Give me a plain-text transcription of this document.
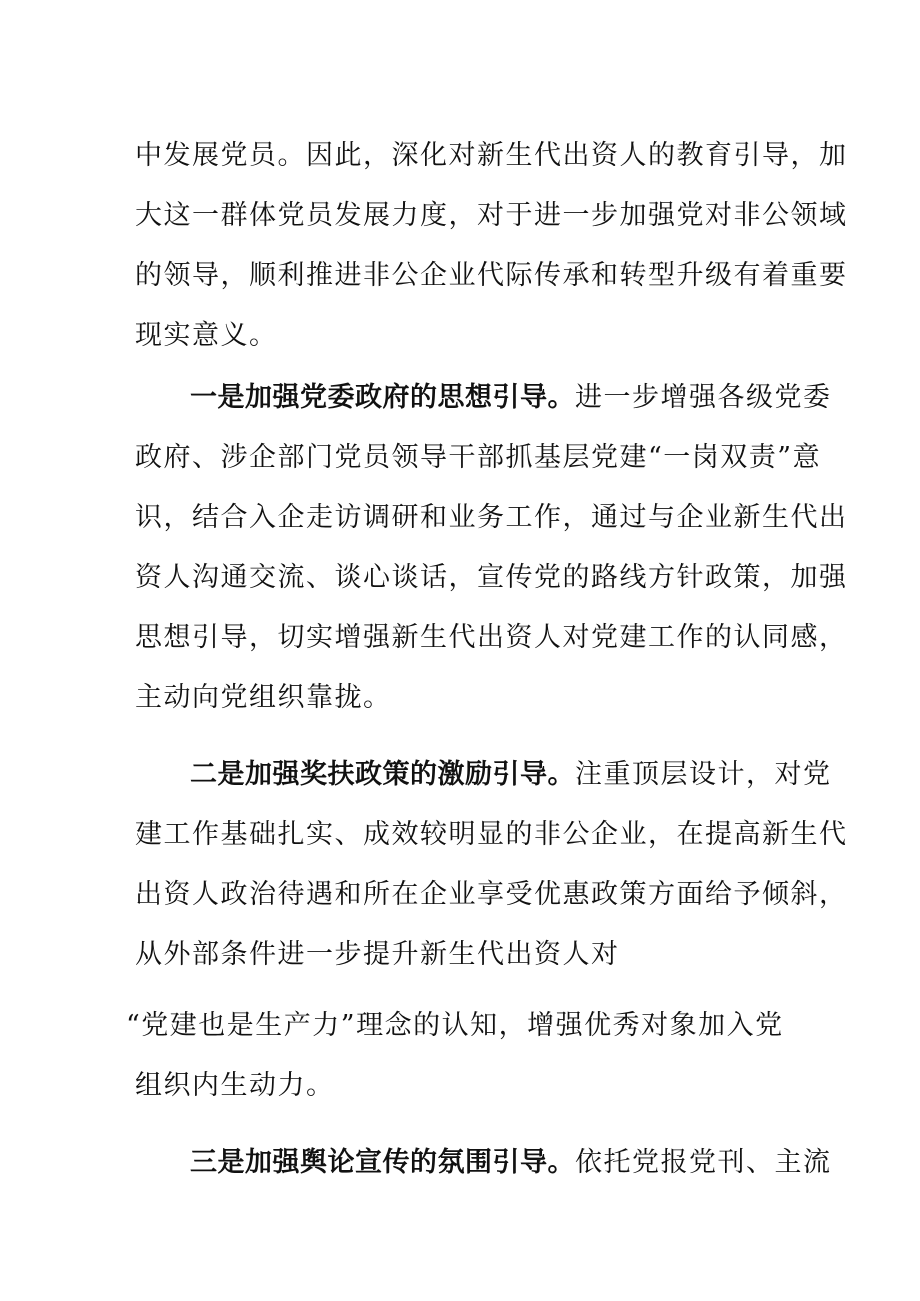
中发展党员。因此，深化对新生代出资人的教育引导，加
大这一群体党员发展力度，对于进一步加强党对非公领域
的领导，顺利推进非公企业代际传承和转型升级有着重要
现实意义。
一是加强党委政府的思想引导。进一步增强各级党委
政府、涉企部门党员领导干部抓基层党建“一岗双责”意
识，结合入企走访调研和业务工作，通过与企业新生代出
资人沟通交流、谈心谈话，宣传党的路线方针政策，加强
思想引导，切实增强新生代出资人对党建工作的认同感，
主动向党组织靠拢。
二是加强奖扶政策的激励引导。注重顶层设计，对党
建工作基础扎实、成效较明显的非公企业，在提高新生代
出资人政治待遇和所在企业享受优惠政策方面给予倾斜，
从外部条件进一步提升新生代出资人对
“党建也是生产力”理念的认知，增强优秀对象加入党
组织内生动力。
三是加强舆论宣传的氛围引导。依托党报党刊、主流
